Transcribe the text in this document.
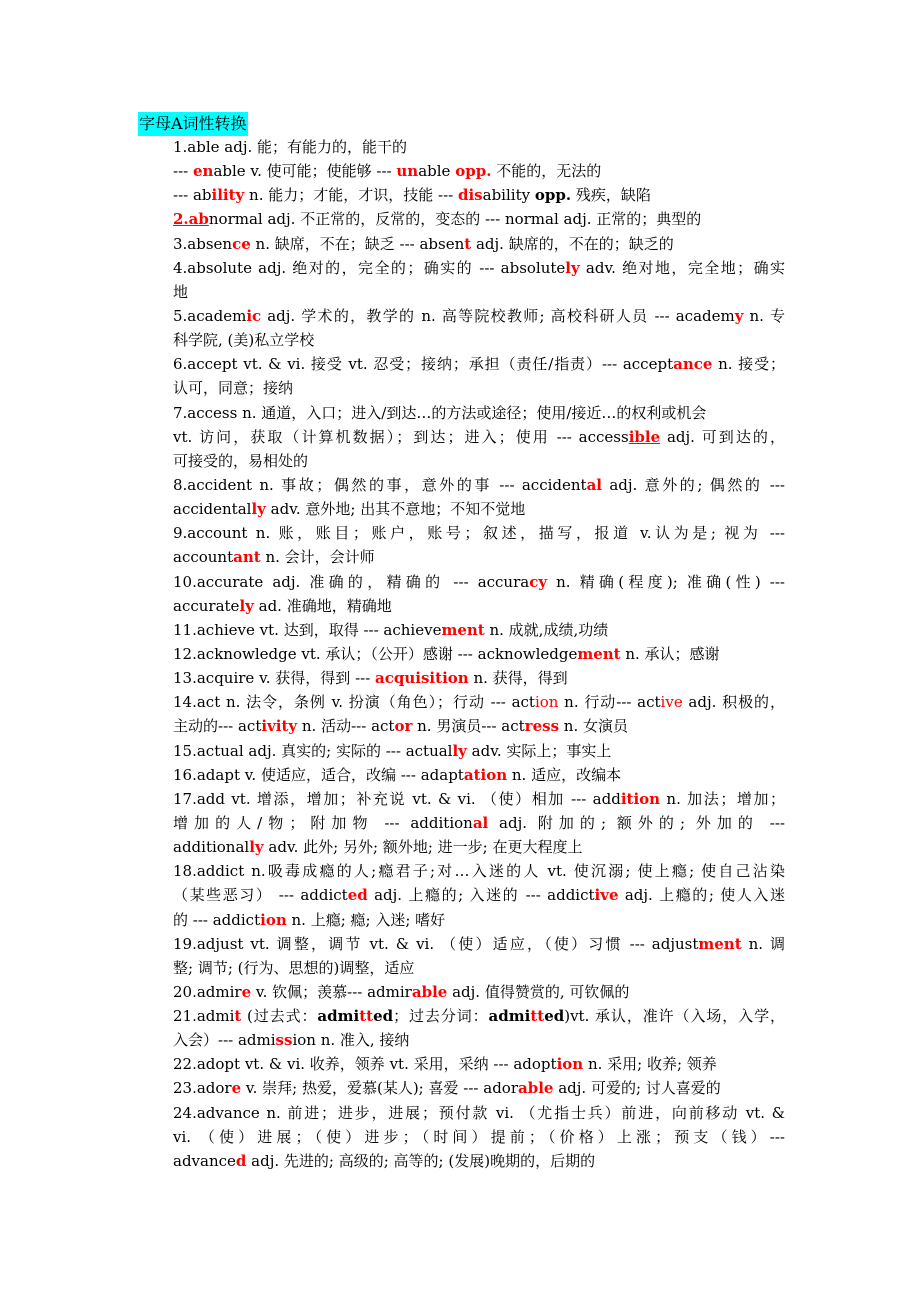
字母A词性转换
1.able adj. 能；有能力的，能干的
--- enable v. 使可能；使能够 --- unable opp. 不能的，无法的
--- ability n. 能力；才能，才识，技能 --- disability opp. 残疾，缺陷
2.abnormal adj. 不正常的，反常的，变态的 --- normal adj. 正常的；典型的
3.absence n. 缺席，不在；缺乏 --- absent adj. 缺席的，不在的；缺乏的
4.absolute adj. 绝对的，完全的；确实的 --- absolutely adv. 绝对地，完全地；确实
地
5.academic adj. 学术的，教学的 n. 高等院校教师; 高校科研人员 --- academy n. 专
科学院, (美)私立学校
6.accept vt. & vi. 接受 vt. 忍受；接纳；承担（责任/指责）--- acceptance n. 接受；
认可，同意；接纳
7.access n. 通道，入口；进入/到达…的方法或途径；使用/接近…的权利或机会
vt. 访问，获取（计算机数据）；到达；进入；使用 --- accessible adj. 可到达的，
可接受的，易相处的
8.accident n. 事故；偶然的事，意外的事 --- accidental adj. 意外的; 偶然的 ---
accidentally adv. 意外地; 出其不意地；不知不觉地
9.account n. 账，账目；账户，账号；叙述，描写，报道 v.认为是; 视为 ---
accountant n. 会计，会计师
10.accurate adj. 准确的，精确的 --- accuracy n. 精确(程度); 准确(性) ---
accurately ad. 准确地，精确地
11.achieve vt. 达到，取得 --- achievement n. 成就,成绩,功绩
12.acknowledge vt. 承认；（公开）感谢 --- acknowledgement n. 承认；感谢
13.acquire v. 获得，得到 --- acquisition n. 获得，得到
14.act n. 法令，条例 v. 扮演（角色）；行动 --- action n. 行动--- active adj. 积极的，
主动的--- activity n. 活动--- actor n. 男演员--- actress n. 女演员
15.actual adj. 真实的; 实际的 --- actually adv. 实际上；事实上
16.adapt v. 使适应，适合，改编 --- adaptation n. 适应，改编本
17.add vt. 增添，增加；补充说 vt. & vi. （使）相加 --- addition n. 加法；增加；
增加的人/物；附加物 --- additional adj. 附加的; 额外的; 外加的 ---
additionally adv. 此外; 另外; 额外地; 进一步; 在更大程度上
18.addict n.吸毒成瘾的人;瘾君子;对…入迷的人 vt. 使沉溺; 使上瘾; 使自己沾染
（某些恶习） --- addicted adj. 上瘾的; 入迷的 --- addictive adj. 上瘾的; 使人入迷
的 --- addiction n. 上瘾; 瘾; 入迷; 嗜好
19.adjust vt. 调整，调节 vt. & vi. （使）适应，（使）习惯 --- adjustment n. 调
整; 调节; (行为、思想的)调整，适应
20.admire v. 钦佩；羡慕--- admirable adj. 值得赞赏的, 可钦佩的
21.admit (过去式：admitted；过去分词：admitted)vt. 承认，准许（入场，入学，
入会）--- admission n. 准入, 接纳
22.adopt vt. & vi. 收养，领养 vt. 采用，采纳 --- adoption n. 采用; 收养; 领养
23.adore v. 崇拜; 热爱，爱慕(某人); 喜爱 --- adorable adj. 可爱的; 讨人喜爱的
24.advance n. 前进；进步，进展；预付款 vi. （尤指士兵）前进，向前移动 vt. &
vi. （使）进展；（使）进步；（时间）提前；（价格）上涨；预支（钱）---
advanced adj. 先进的; 高级的; 高等的; (发展)晚期的，后期的
